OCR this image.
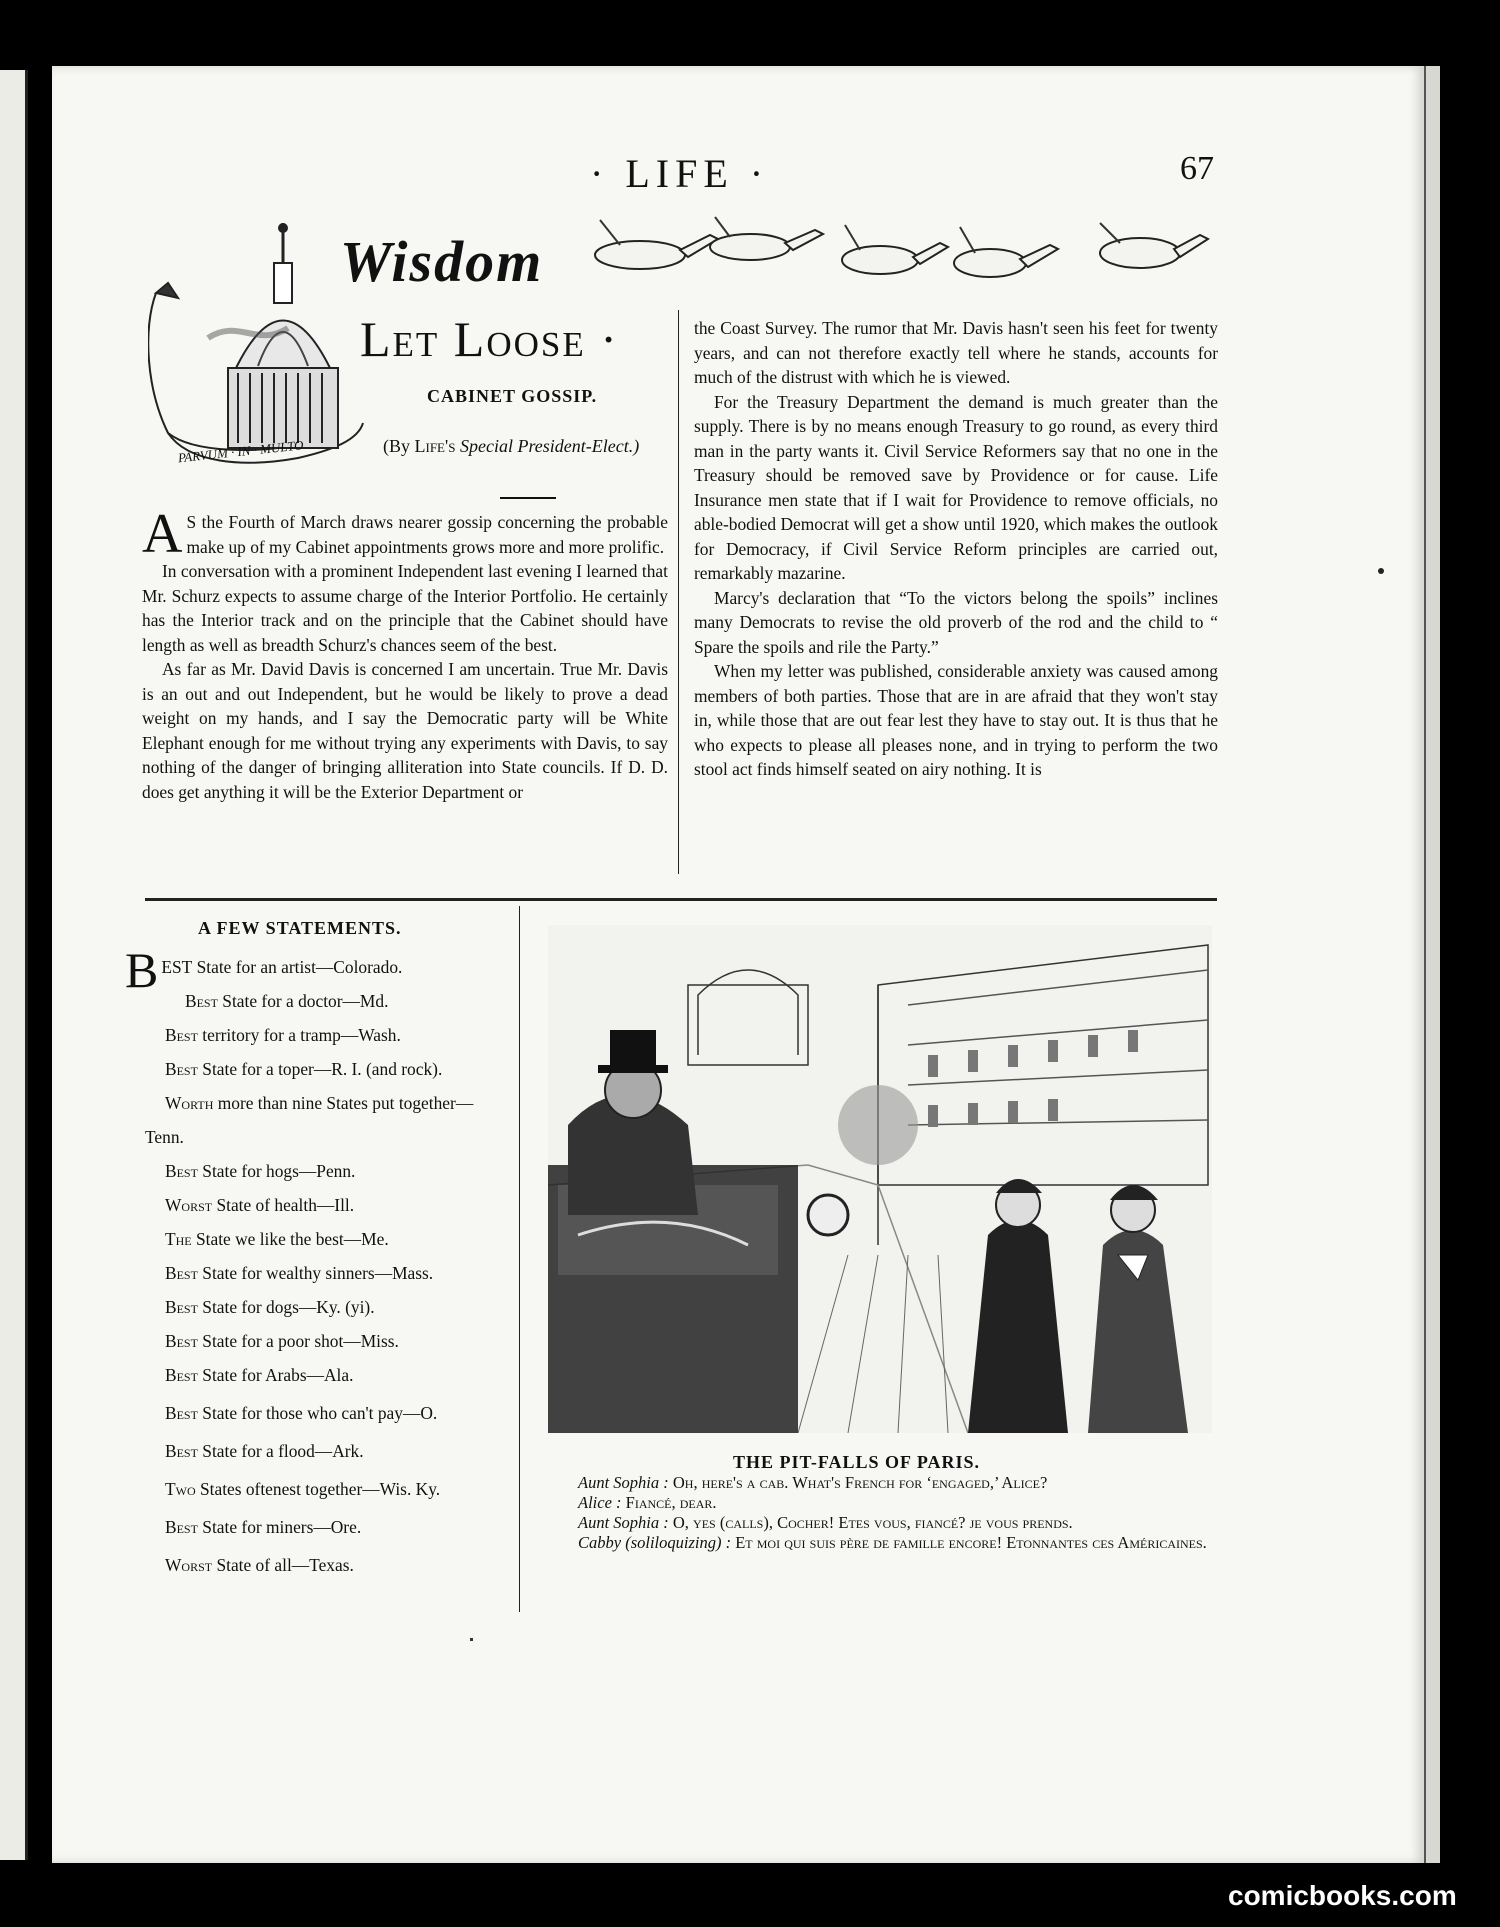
· LIFE ·	67
PARVUM · IN · MULTO
Wisdom
Let Loose ·
CABINET GOSSIP.
(By Life's Special President-Elect.)

A S the Fourth of March draws nearer gossip concerning the probable make up of my Cabinet appointments grows more and more prolific.

In conversation with a prominent Independent last evening I learned that Mr. Schurz expects to assume charge of the Interior Portfolio. He certainly has the Interior track and on the principle that the Cabinet should have length as well as breadth Schurz's chances seem of the best.

As far as Mr. David Davis is concerned I am uncertain. True Mr. Davis is an out and out Independent, but he would be likely to prove a dead weight on my hands, and I say the Democratic party will be White Elephant enough for me without trying any experiments with Davis, to say nothing of the danger of bringing alliteration into State councils. If D. D. does get anything it will be the Exterior Department or

the Coast Survey. The rumor that Mr. Davis hasn't seen his feet for twenty years, and can not therefore exactly tell where he stands, accounts for much of the distrust with which he is viewed.

For the Treasury Department the demand is much greater than the supply. There is by no means enough Treasury to go round, as every third man in the party wants it. Civil Service Reformers say that no one in the Treasury should be removed save by Providence or for cause. Life Insurance men state that if I wait for Providence to remove officials, no able-bodied Democrat will get a show until 1920, which makes the outlook for Democracy, if Civil Service Reform principles are carried out, remarkably mazarine.

Marcy's declaration that “To the victors belong the spoils” inclines many Democrats to revise the old proverb of the rod and the child to “ Spare the spoils and rile the Party.”

When my letter was published, considerable anxiety was caused among members of both parties. Those that are in are afraid that they won't stay in, while those that are out fear lest they have to stay out. It is thus that he who expects to please all pleases none, and in trying to perform the two stool act finds himself seated on airy nothing. It is

A FEW STATEMENTS.

BEST State for an artist—Colorado.

Best State for a doctor—Md.

Best territory for a tramp—Wash.

Best State for a toper—R. I. (and rock).

Worth more than nine States put together—Tenn.

Best State for hogs—Penn.

Worst State of health—Ill.

The State we like the best—Me.

Best State for wealthy sinners—Mass.

Best State for dogs—Ky. (yi).

Best State for a poor shot—Miss.

Best State for Arabs—Ala.

Best State for those who can't pay—O.

Best State for a flood—Ark.

Two States oftenest together—Wis. Ky.

Best State for miners—Ore.

Worst State of all—Texas.

THE PIT-FALLS OF PARIS.

Aunt Sophia : Oh, here's a cab. What's French for ‘engaged,’ Alice?

Alice : Fiancé, dear.

Aunt Sophia : O, yes (calls), Cocher! Etes vous, fiancé? je vous prends.

Cabby (soliloquizing) : Et moi qui suis père de famille encore! Etonnantes ces Américaines.

comicbooks.com
